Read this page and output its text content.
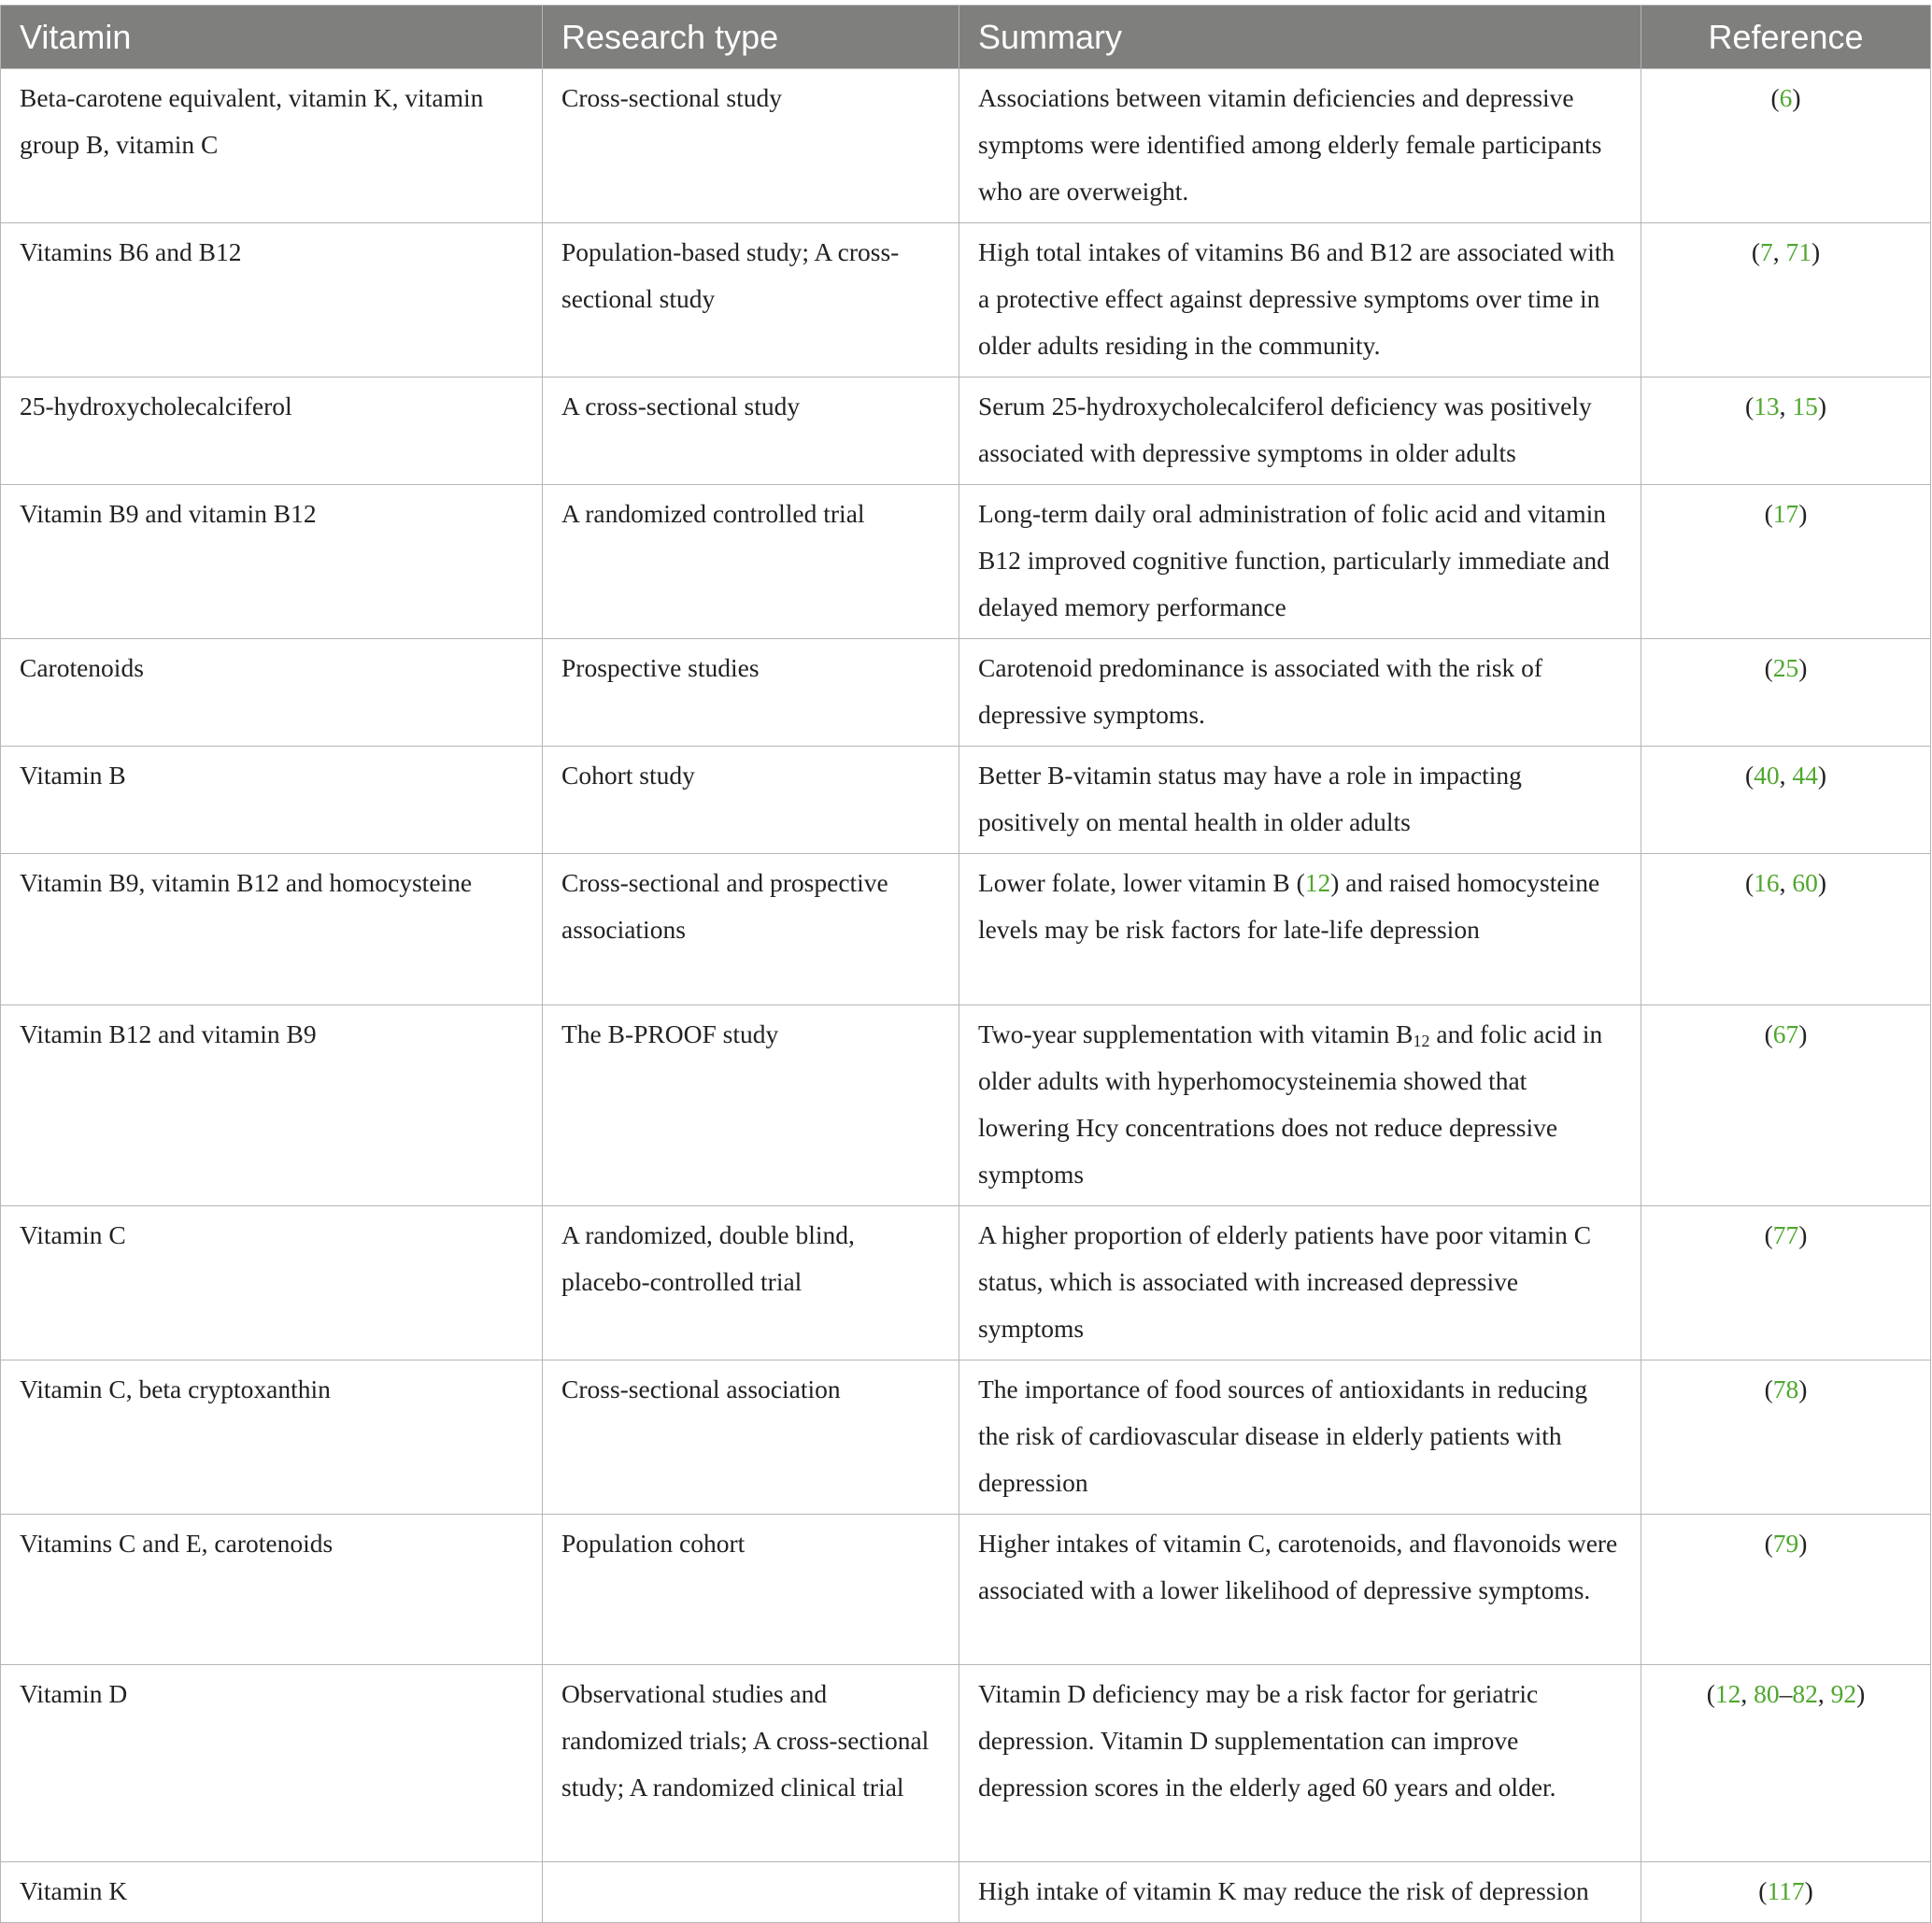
Vitamin	Research type	Summary	Reference
Beta-carotene equivalent, vitamin K, vitamin group B, vitamin C	Cross-sectional study	Associations between vitamin deficiencies and depressive symptoms were identified among elderly female participants who are overweight.	(6)
Vitamins B6 and B12	Population-based study; A cross-sectional study	High total intakes of vitamins B6 and B12 are associated with a protective effect against depressive symptoms over time in older adults residing in the community.	(7, 71)
25-hydroxycholecalciferol	A cross-sectional study	Serum 25-hydroxycholecalciferol deficiency was positively associated with depressive symptoms in older adults	(13, 15)
Vitamin B9 and vitamin B12	A randomized controlled trial	Long-term daily oral administration of folic acid and vitamin B12 improved cognitive function, particularly immediate and delayed memory performance	(17)
Carotenoids	Prospective studies	Carotenoid predominance is associated with the risk of depressive symptoms.	(25)
Vitamin B	Cohort study	Better B-vitamin status may have a role in impacting positively on mental health in older adults	(40, 44)
Vitamin B9, vitamin B12 and homocysteine	Cross-sectional and prospective associations	Lower folate, lower vitamin B (12) and raised homocysteine levels may be risk factors for late-life depression	(16, 60)
Vitamin B12 and vitamin B9	The B-PROOF study	Two-year supplementation with vitamin $B_{12}$ and folic acid in older adults with hyperhomocysteinemia showed that lowering Hcy concentrations does not reduce depressive symptoms	(67)
Vitamin C	A randomized, double blind, placebo-controlled trial	A higher proportion of elderly patients have poor vitamin C status, which is associated with increased depressive symptoms	(77)
Vitamin C, beta cryptoxanthin	Cross-sectional association	The importance of food sources of antioxidants in reducing the risk of cardiovascular disease in elderly patients with depression	(78)
Vitamins C and E, carotenoids	Population cohort	Higher intakes of vitamin C, carotenoids, and flavonoids were associated with a lower likelihood of depressive symptoms.	(79)
Vitamin D	Observational studies and randomized trials; A cross-sectional study; A randomized clinical trial	Vitamin D deficiency may be a risk factor for geriatric depression. Vitamin D supplementation can improve depression scores in the elderly aged 60 years and older.	(12, 80–82, 92)
Vitamin K		High intake of vitamin K may reduce the risk of depression	(117)
